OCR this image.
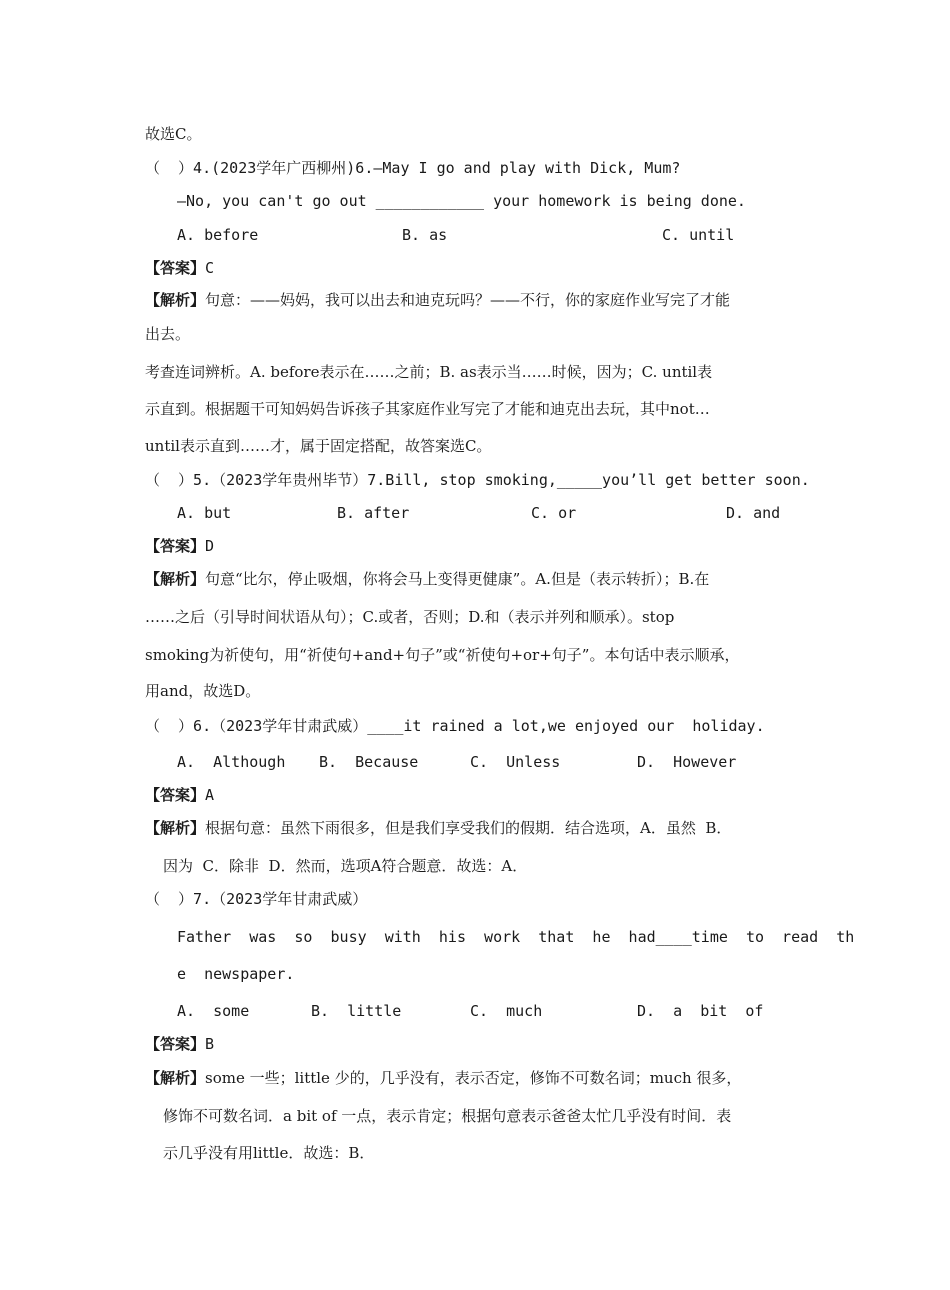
故选C。
（  ）4.(2023学年广西柳州)6.—May I go and play with Dick, Mum?
—No, you can't go out ____________ your homework is being done.
A. before	B. as	C. until
【答案】C
【解析】句意：——妈妈，我可以出去和迪克玩吗？——不行，你的家庭作业写完了才能
出去。
考查连词辨析。A. before表示在……之前；B. as表示当……时候，因为；C. until表
示直到。根据题干可知妈妈告诉孩子其家庭作业写完了才能和迪克出去玩，其中not…
until表示直到……才，属于固定搭配，故答案选C。
（  ）5.（2023学年贵州毕节）7.Bill, stop smoking,_____you’ll get better soon.
A. but	B. after	C. or	D. and
【答案】D
【解析】句意“比尔，停止吸烟，你将会马上变得更健康”。A.但是（表示转折）；B.在
……之后（引导时间状语从句）；C.或者，否则；D.和（表示并列和顺承）。stop
smoking为祈使句，用“祈使句+and+句子”或“祈使句+or+句子”。本句话中表示顺承，
用and，故选D。
（  ）6.（2023学年甘肃武威）____it rained a lot,we enjoyed our  holiday.
A.  Although B.  Because	C.  Unless	D.  However
【答案】A
【解析】根据句意：虽然下雨很多，但是我们享受我们的假期．结合选项，A．虽然  B．
因为  C．除非  D．然而，选项A符合题意．故选：A．
（  ）7.（2023学年甘肃武威）
Father  was  so  busy  with  his  work  that  he  had____time  to  read  th
e  newspaper.
A.  some	B.  little	C.  much	D.  a  bit  of
【答案】B
【解析】some 一些；little 少的，几乎没有，表示否定，修饰不可数名词；much 很多，
修饰不可数名词．a bit of 一点，表示肯定；根据句意表示爸爸太忙几乎没有时间．表
示几乎没有用little．故选：B．
